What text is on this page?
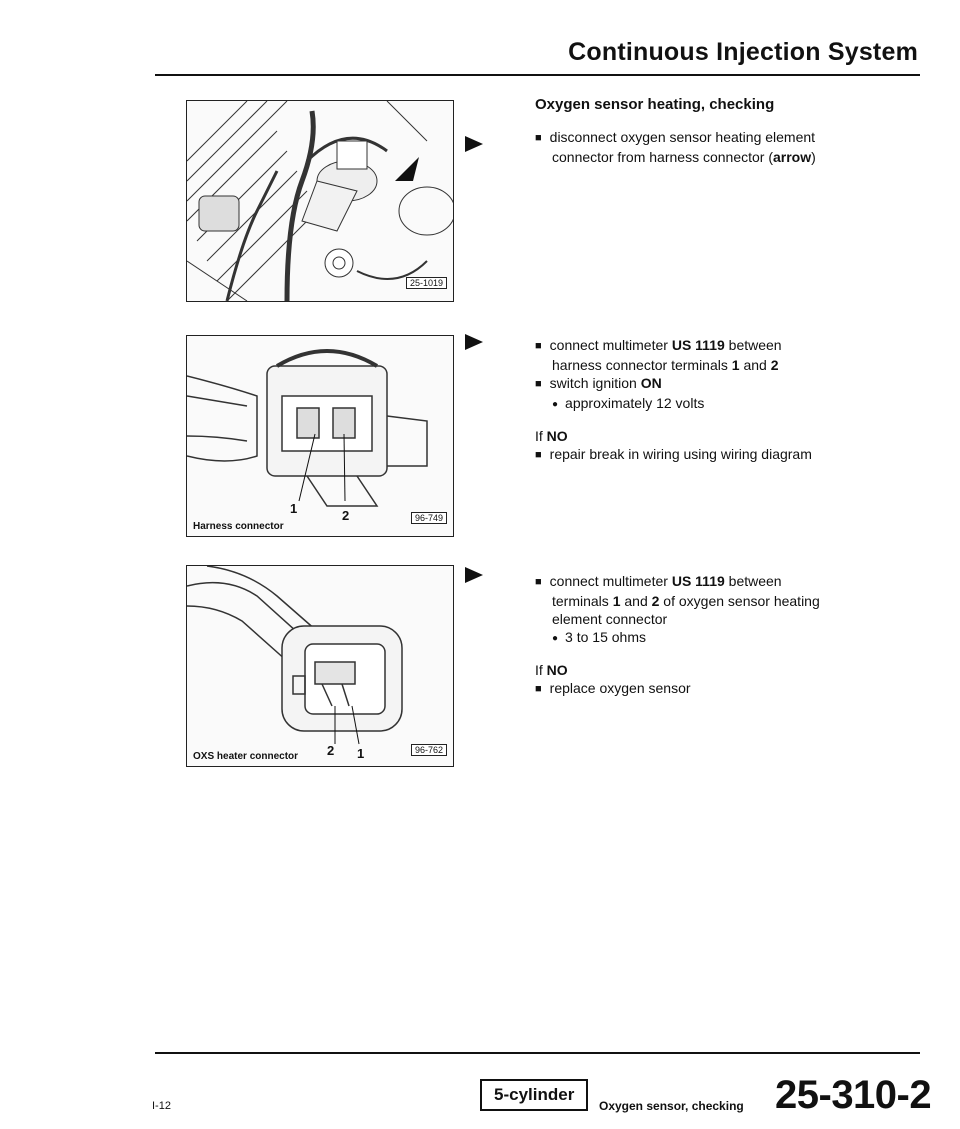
Continuous Injection System
25-1019
1	2
Harness connector
96-749
OXS heater connector 2 1	96-762

Oxygen sensor heating, checking

■ disconnect oxygen sensor heating element

connector from harness connector (arrow)

■ connect multimeter US 1119 between

harness connector terminals 1 and 2

■ switch ignition ON

● approximately 12 volts

If NO

■ repair break in wiring using wiring diagram

■ connect multimeter US 1119 between

terminals 1 and 2 of oxygen sensor heating

element connector

● 3 to 15 ohms

If NO

■ replace oxygen sensor

I-12
5-cylinder
Oxygen sensor, checking 25-310-2
